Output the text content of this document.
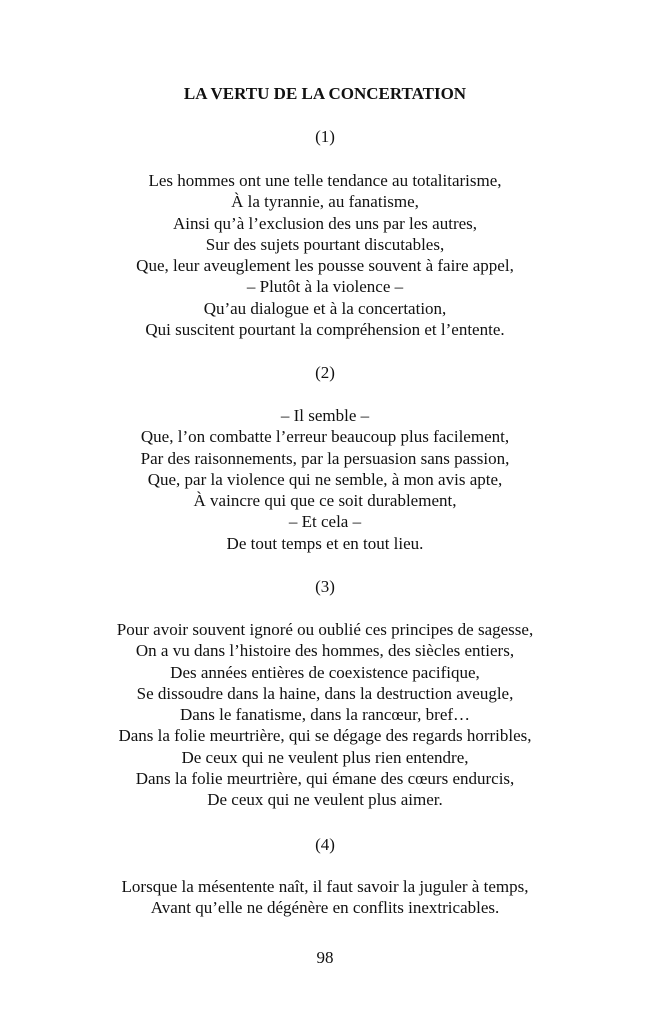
LA VERTU DE LA CONCERTATION
(1)
Les hommes ont une telle tendance au totalitarisme,
À la tyrannie, au fanatisme,
Ainsi qu’à l’exclusion des uns par les autres,
Sur des sujets pourtant discutables,
Que, leur aveuglement les pousse souvent à faire appel,
– Plutôt à la violence –
Qu’au dialogue et à la concertation,
Qui suscitent pourtant la compréhension et l’entente.
(2)
– Il semble –
Que, l’on combatte l’erreur beaucoup plus facilement,
Par des raisonnements, par la persuasion sans passion,
Que, par la violence qui ne semble, à mon avis apte,
À vaincre qui que ce soit durablement,
– Et cela –
De tout temps et en tout lieu.
(3)
Pour avoir souvent ignoré ou oublié ces principes de sagesse,
On a vu dans l’histoire des hommes, des siècles entiers,
Des années entières de coexistence pacifique,
Se dissoudre dans la haine, dans la destruction aveugle,
Dans le fanatisme, dans la rancœur, bref…
Dans la folie meurtrière, qui se dégage des regards horribles,
De ceux qui ne veulent plus rien entendre,
Dans la folie meurtrière, qui émane des cœurs endurcis,
De ceux qui ne veulent plus aimer.
(4)
Lorsque la mésentente naît, il faut savoir la juguler à temps,
Avant qu’elle ne dégénère en conflits inextricables.
98
